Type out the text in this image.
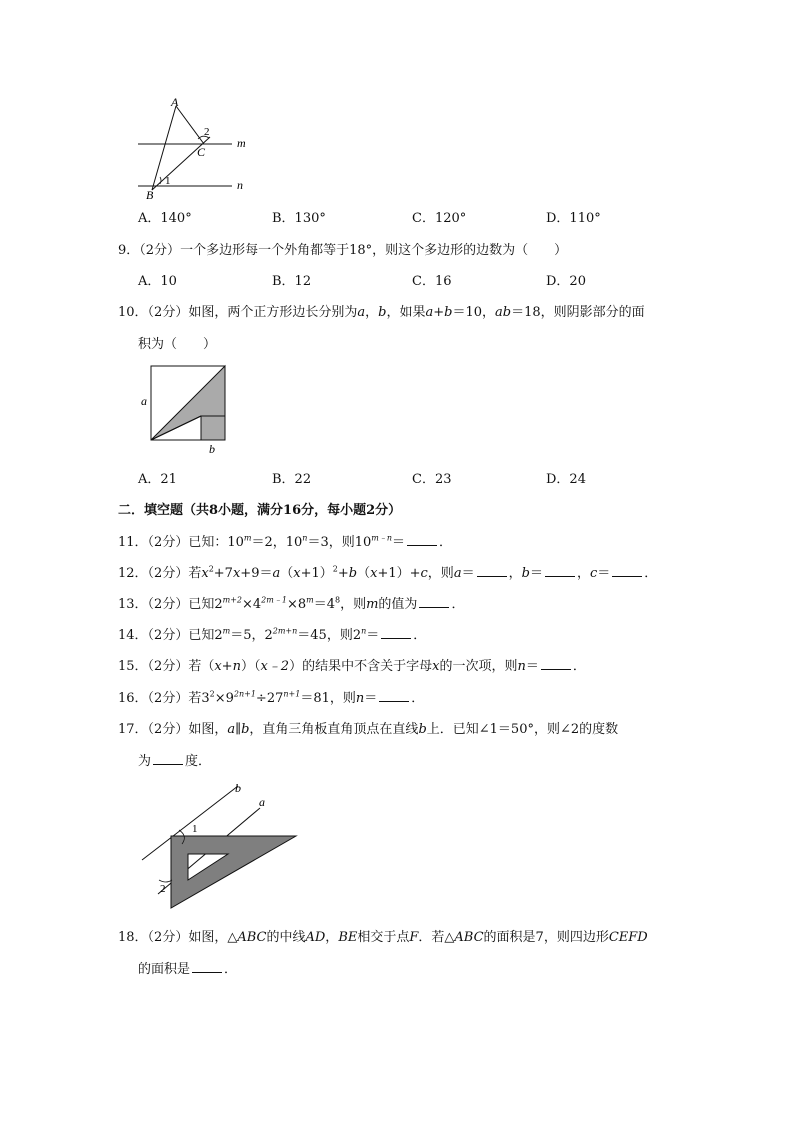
A
2
C
m
n
1
B
A．140°	B．130°	C．120°	D．110°
9．（2分）一个多边形每一个外角都等于18°，则这个多边形的边数为（　　）
A．10	B．12	C．16	D．20
10．（2分）如图，两个正方形边长分别为a，b，如果a+b＝10，ab＝18，则阴影部分的面
积为（　　）
a
b
A．21	B．22	C．23	D．24
二．填空题（共8小题，满分16分，每小题2分）
11．（2分）已知：$10^m=2$，$10^n=3$，则$10^{m﹣n}=$	．
12．（2分）若$x^2+7x+9=a(x+1)^2+b(x+1)+c$，则a＝	，b＝	，c＝	．
13．（2分）已知$2^{m+2}\times 4^{2m﹣1}\times 8^m=4^8$，则m的值为	．
14．（2分）已知$2^m=5$，$2^{2m+n}=45$，则$2^n=$	．
15．（2分）若（x+n）（x﹣2）的结果中不含关于字母x的一次项，则n＝	．
16．（2分）若$3^2\times 9^{2n+1}\div 27^{n+1}=81$，则n＝	．
17．（2分）如图，a∥b，直角三角板直角顶点在直线b上．已知∠1＝50°，则∠2的度数
为	度．
b
a
1
2
18．（2分）如图，△ABC的中线AD，BE相交于点F．若△ABC的面积是7，则四边形CEFD
的面积是	．
